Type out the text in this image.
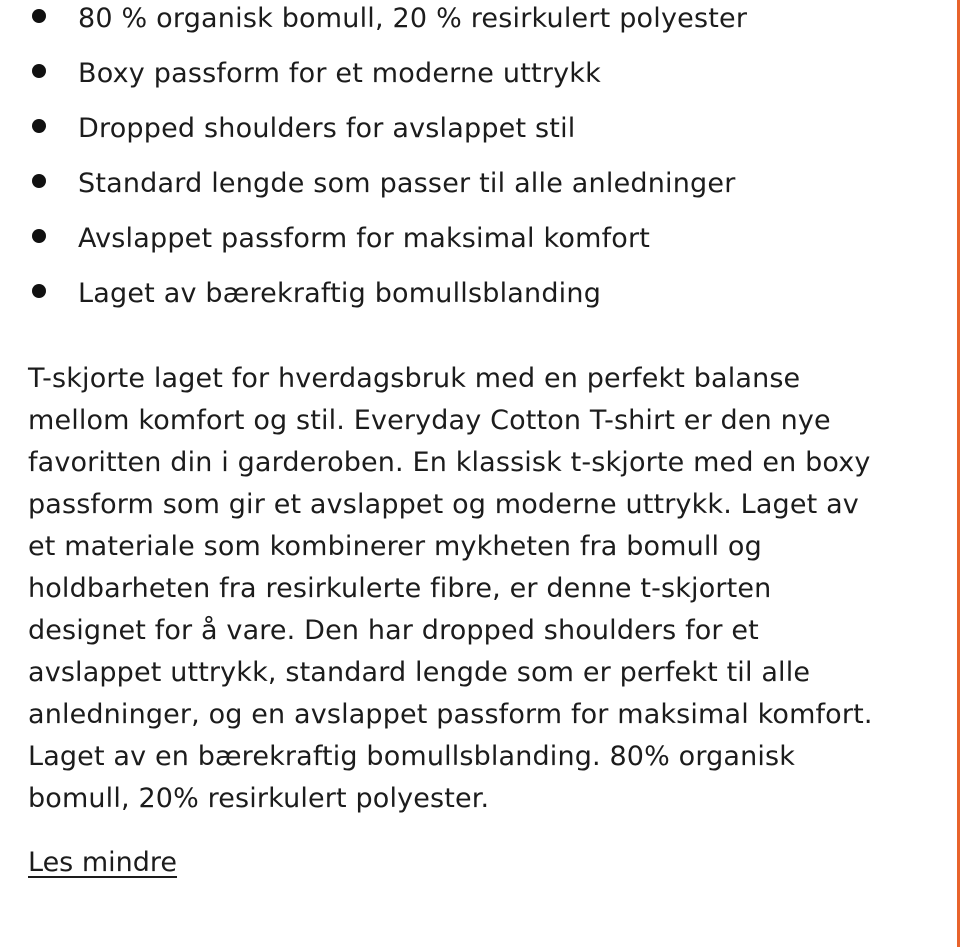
80 % organisk bomull, 20 % resirkulert polyester
Boxy passform for et moderne uttrykk
Dropped shoulders for avslappet stil
Standard lengde som passer til alle anledninger
Avslappet passform for maksimal komfort
Laget av bærekraftig bomullsblanding

T-skjorte laget for hverdagsbruk med en perfekt balanse
mellom komfort og stil. Everyday Cotton T-shirt er den nye
favoritten din i garderoben. En klassisk t-skjorte med en boxy
passform som gir et avslappet og moderne uttrykk. Laget av
et materiale som kombinerer mykheten fra bomull og
holdbarheten fra resirkulerte fibre, er denne t-skjorten
designet for å vare. Den har dropped shoulders for et
avslappet uttrykk, standard lengde som er perfekt til alle
anledninger, og en avslappet passform for maksimal komfort.
Laget av en bærekraftig bomullsblanding. 80% organisk
bomull, 20% resirkulert polyester.

Les mindre
